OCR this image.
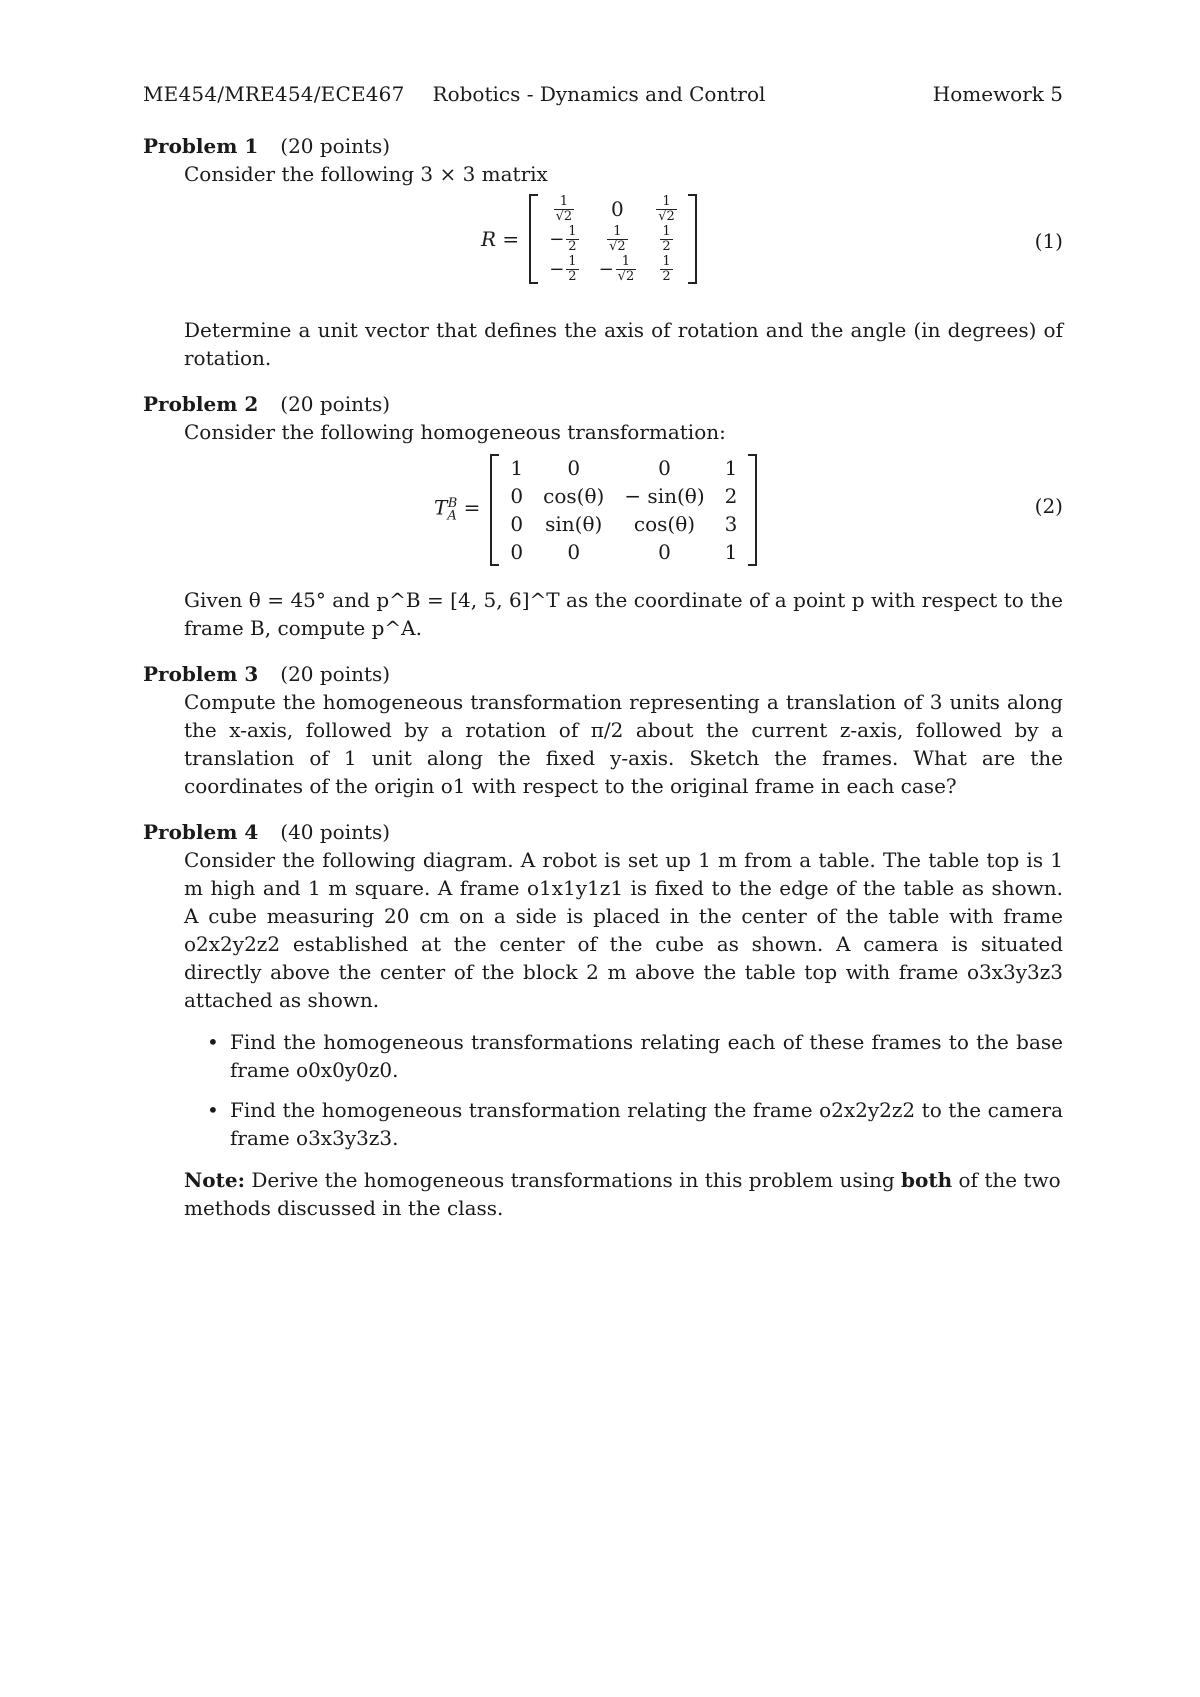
ME454/MRE454/ECE467 Robotics - Dynamics and Control	Homework 5
Problem 1 (20 points)
Consider the following 3 × 3 matrix
R =
$\frac{1}{√2}$	0	$\frac{1}{√2}$

− $\frac{1}{2}$	$\frac{1}{√2}$	$\frac{1}{2}$

− $\frac{1}{2}$	− $\frac{1}{√2}$	$\frac{1}{2}$
(1)
Determine a unit vector that defines the axis of rotation and the angle (in degrees) of rotation.
Problem 2 (20 points)
Consider the following homogeneous transformation:
$T_A^B$ =
1	0	0	1
0	cos(θ)	− sin(θ)	2
0	sin(θ)	cos(θ)	3
0	0	0	1
(2)
Given θ = 45° and p^B = [4, 5, 6]^T as the coordinate of a point p with respect to the frame B, compute p^A.
Problem 3 (20 points)
Compute the homogeneous transformation representing a translation of 3 units along the x-axis, followed by a rotation of π/2 about the current z-axis, followed by a translation of 1 unit along the fixed y-axis. Sketch the frames. What are the coordinates of the origin o1 with respect to the original frame in each case?
Problem 4 (40 points)
Consider the following diagram. A robot is set up 1 m from a table. The table top is 1 m high and 1 m square. A frame o1x1y1z1 is fixed to the edge of the table as shown. A cube measuring 20 cm on a side is placed in the center of the table with frame o2x2y2z2 established at the center of the cube as shown. A camera is situated directly above the center of the block 2 m above the table top with frame o3x3y3z3 attached as shown.
• Find the homogeneous transformations relating each of these frames to the base frame o0x0y0z0.
• Find the homogeneous transformation relating the frame o2x2y2z2 to the camera frame o3x3y3z3.
Note: Derive the homogeneous transformations in this problem using both of the two methods discussed in the class.
